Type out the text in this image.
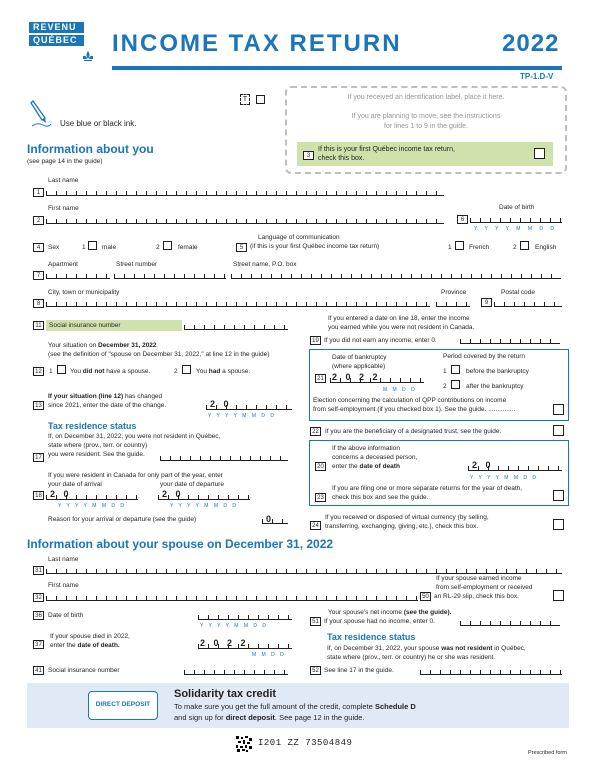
REVENU
QUÉBEC INCOME TAX RETURN	2022
TP-1.D-V
T	If you received an identification label, place it here.
If you are planning to move, see the instructions
for lines 1 to 9 in the guide.
3
If this is your first Québec income tax return,
check this box.
Use blue or black ink.
Information about you
(see page 14 in the guide)
Last name
1
First name
2
Date of birth
6
Y Y Y Y M M D D
4	Sex	1	male	2	female
Language of communication
(if this is your first Québec income tax return)
5	1	French	2	English
Apartment	Street number	Street name, P.O. box
7
City, town or municipality	Province	Postal code
8	9
11	Social insurance number
If you entered a date on line 18, enter the income
you earned while you were not resident in Canada.
19 If you did not earn any income, enter 0.
Your situation on December 31, 2022
(see the definition of "spouse on December 31, 2022," at line 12 in the guide)
12	1	You did not have a spouse.	2	You had a spouse.
If your situation (line 12) has changed
since 2021, enter the date of the change.
13
Y Y Y Y M M D D
Tax residence status
If, on December 31, 2022, you were not resident in Québec,
state where (prov., terr. or country)
you were resident. See the guide.
17
If you were resident in Canada for only part of the year, enter
your date of arrival	your date of departure
18
Y Y Y Y M M D D	Y Y Y Y M M D D
Reason for your arrival or departure (see the guide)
Date of bankruptcy
(where applicable)
21
M M D D
Period covered by the return
1	before the bankruptcy
2	after the bankruptcy
Election concerning the calculation of QPP contributions on income
from self-employment (if you checked box 1). See the guide. ...............
22 If you are the beneficiary of a designated trust, see the guide.
If the above information
concerns a deceased person,
enter the date of death
20
Y Y Y Y M M D D
If you are filing one or more separate returns for the year of death,
check this box and see the guide.
23
If you received or disposed of virtual currency (by selling,
transferring, exchanging, giving, etc.), check this box.
24
Information about your spouse on December 31, 2022
Last name
31
First name
32
If your spouse earned income
from self-employment or received
50 an RL-29 slip, check this box.
36 Date of birth
Y Y Y Y M M D D
Your spouse's net income (see the guide).
51 If your spouse had no income, enter 0.
If your spouse died in 2022,
enter the date of death.
37
M M D D
Tax residence status
If, on December 31, 2022, your spouse was not resident in Québec,
state where (prov., terr. or country) he or she was resident.
41 Social insurance number	52 See line 17 in the guide.
DIRECT DEPOSIT
Solidarity tax credit
To make sure you get the full amount of the credit, complete Schedule D
and sign up for direct deposit. See page 12 in the guide.
I201 ZZ 73504849
Prescribed form
